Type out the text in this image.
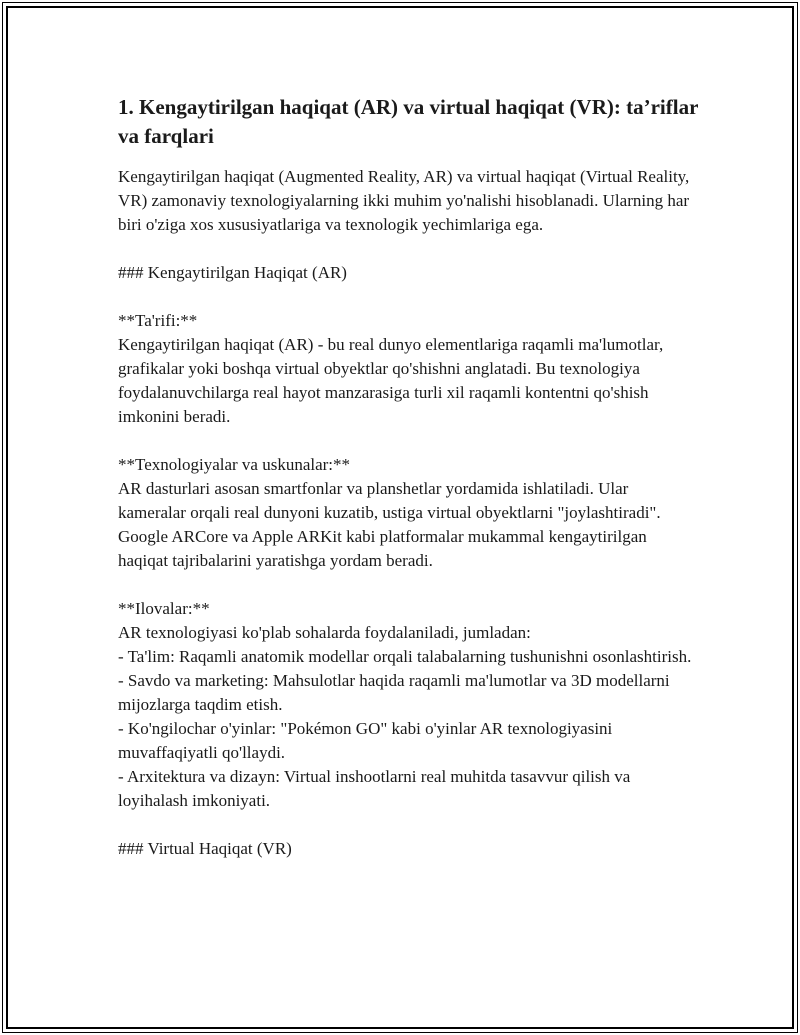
1. Kengaytirilgan haqiqat (AR) va virtual haqiqat (VR): ta’riflar va farqlari
Kengaytirilgan haqiqat (Augmented Reality, AR) va virtual haqiqat (Virtual Reality, VR) zamonaviy texnologiyalarning ikki muhim yo'nalishi hisoblanadi. Ularning har biri o'ziga xos xususiyatlariga va texnologik yechimlariga ega.
### Kengaytirilgan Haqiqat (AR)
**Ta'rifi:**
Kengaytirilgan haqiqat (AR) - bu real dunyo elementlariga raqamli ma'lumotlar, grafikalar yoki boshqa virtual obyektlar qo'shishni anglatadi. Bu texnologiya foydalanuvchilarga real hayot manzarasiga turli xil raqamli kontentni qo'shish imkonini beradi.
**Texnologiyalar va uskunalar:**
AR dasturlari asosan smartfonlar va planshetlar yordamida ishlatiladi. Ular kameralar orqali real dunyoni kuzatib, ustiga virtual obyektlarni "joylashtiradi". Google ARCore va Apple ARKit kabi platformalar mukammal kengaytirilgan haqiqat tajribalarini yaratishga yordam beradi.
**Ilovalar:**
AR texnologiyasi ko'plab sohalarda foydalaniladi, jumladan:
- Ta'lim: Raqamli anatomik modellar orqali talabalarning tushunishni osonlashtirish.
- Savdo va marketing: Mahsulotlar haqida raqamli ma'lumotlar va 3D modellarni mijozlarga taqdim etish.
- Ko'ngilochar o'yinlar: "Pokémon GO" kabi o'yinlar AR texnologiyasini muvaffaqiyatli qo'llaydi.
- Arxitektura va dizayn: Virtual inshootlarni real muhitda tasavvur qilish va loyihalash imkoniyati.
### Virtual Haqiqat (VR)
